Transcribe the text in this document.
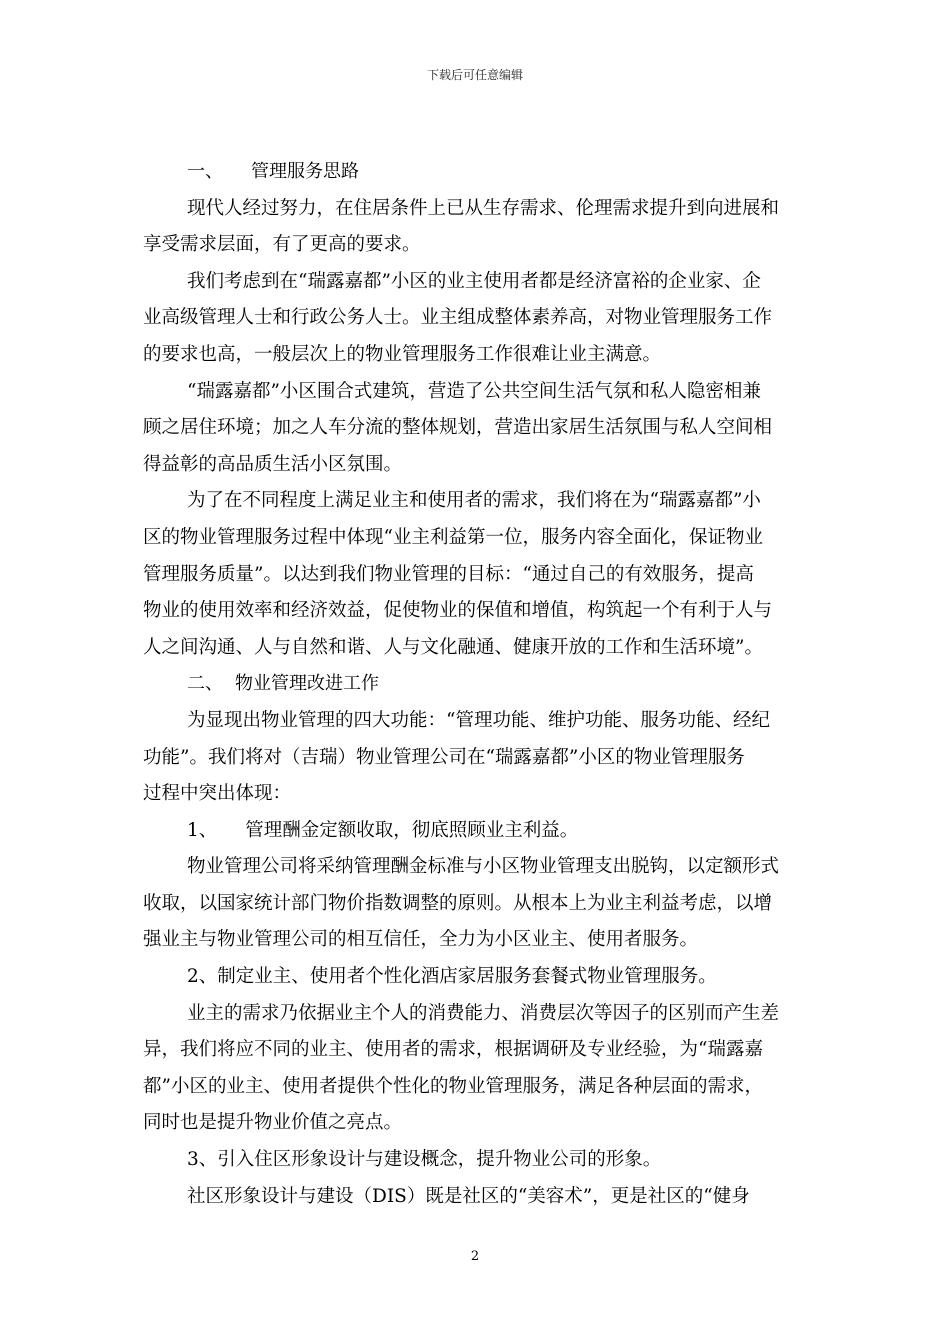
下载后可任意编辑
一、 管理服务思路
现代人经过努力，在住居条件上已从生存需求、伦理需求提升到向进展和
享受需求层面，有了更高的要求。
我们考虑到在“瑞露嘉都”小区的业主使用者都是经济富裕的企业家、企
业高级管理人士和行政公务人士。业主组成整体素养高，对物业管理服务工作
的要求也高，一般层次上的物业管理服务工作很难让业主满意。
“瑞露嘉都”小区围合式建筑，营造了公共空间生活气氛和私人隐密相兼
顾之居住环境；加之人车分流的整体规划，营造出家居生活氛围与私人空间相
得益彰的高品质生活小区氛围。
为了在不同程度上满足业主和使用者的需求，我们将在为“瑞露嘉都”小
区的物业管理服务过程中体现“业主利益第一位，服务内容全面化，保证物业
管理服务质量”。以达到我们物业管理的目标：“通过自己的有效服务，提高
物业的使用效率和经济效益，促使物业的保值和增值，构筑起一个有利于人与
人之间沟通、人与自然和谐、人与文化融通、健康开放的工作和生活环境”。
二、 物业管理改进工作
为显现出物业管理的四大功能：“管理功能、维护功能、服务功能、经纪
功能”。我们将对（吉瑞）物业管理公司在“瑞露嘉都”小区的物业管理服务
过程中突出体现：
1、 管理酬金定额收取，彻底照顾业主利益。
物业管理公司将采纳管理酬金标准与小区物业管理支出脱钩，以定额形式
收取，以国家统计部门物价指数调整的原则。从根本上为业主利益考虑，以增
强业主与物业管理公司的相互信任，全力为小区业主、使用者服务。
2、制定业主、使用者个性化酒店家居服务套餐式物业管理服务。
业主的需求乃依据业主个人的消费能力、消费层次等因子的区别而产生差
异，我们将应不同的业主、使用者的需求，根据调研及专业经验，为“瑞露嘉
都”小区的业主、使用者提供个性化的物业管理服务，满足各种层面的需求，
同时也是提升物业价值之亮点。
3、引入住区形象设计与建设概念，提升物业公司的形象。
社区形象设计与建设（DIS）既是社区的“美容术”，更是社区的“健身
2
